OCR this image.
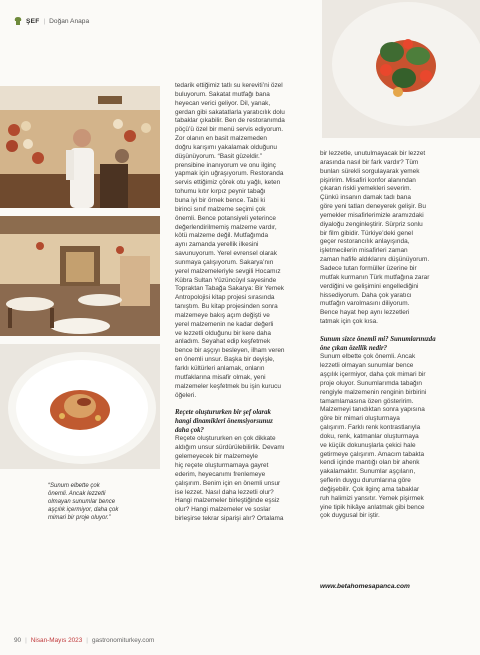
ŞEF | Doğan Anapa
“Sunum elbette çok
önemli. Ancak lezzetli
olmayan sunumlar bence
aşçılık içermiyor, daha çok
mimari bir proje oluyor.”

tedarik ettiğimiz tatlı su kereviti’ni özel

buluyorum. Sakatat mutfağı bana

heyecan verici geliyor. Dil, yanak,

gerdan gibi sakatatlarla yaratıcılık dolu

tabaklar çıkabilir. Ben de restoranımda

pöçü’ü özel bir menü servis ediyorum.

Zor olanın en basit malzemeden

doğru karışımı yakalamak olduğunu

düşünüyorum. “Basit güzeldir.”

prensibine inanıyorum ve onu ilginç

yapmak için uğraşıyorum. Restoranda

servis ettiğimiz çörek otu yağlı, keten

tohumu kıtır kırpız peynir tabağı

buna iyi bir örnek bence. Tabi ki

birinci sınıf malzeme seçimi çok

önemli. Bence potansiyeli yeterince

değerlendirilmemiş malzeme vardır,

kötü malzeme değil. Mutfağımda

aynı zamanda yerellik ilkesini

savunuyorum. Yerel evrensel olarak

sunmaya çalışıyorum. Sakarya’nın

yerel malzemeleriyle sevgili Hocamız

Kübra Sultan Yüzüncüyıl sayesinde

Topraktan Tabağa Sakarya: Bir Yemek

Antropolojisi kitap projesi sırasında

tanıştım. Bu kitap projesinden sonra

malzemeye bakış açım değişti ve

yerel malzemenin ne kadar değerli

ve lezzetli olduğunu bir kere daha

anladım. Seyahat edip keşfetmek

bence bir aşçıyı besleyen, ilham veren

en önemli unsur. Başka bir deyişle,

farklı kültürleri anlamak, onların

mutfaklarına misafir olmak, yeni

malzemeler keşfetmek bu işin kurucu

öğeleri.

Reçete oluştururken bir şef olarak

hangi dinamikleri önemsiyorsunuz

daha çok?

Reçete oluştururken en çok dikkate

aldığım unsur sürdürülebilirlik. Devamı

gelemeyecek bir malzemeyle

hiç reçete oluşturmamaya gayret

ederim, heyecanımı frenlemeye

çalışırım. Benim için en önemli unsur

ise lezzet. Nasıl daha lezzetli olur?

Hangi malzemeler birleştiğinde eşsiz

olur? Hangi malzemeler ve soslar

birleşirse tekrar siparişi alır? Ortalama

bir lezzetle, unutulmayacak bir lezzet

arasında nasıl bir fark vardır? Tüm

bunları sürekli sorgulayarak yemek

pişiririm. Misafiri konfor alanından

çıkaran riskli yemekleri severim.

Çünkü insanın damak tadı bana

göre yeni tatları deneyerek gelişir. Bu

yemekler misafirlerimizle aramızdaki

diyaloğu zenginleştirir. Sürpriz sonlu

bir film gibidir. Türkiye’deki genel

geçer restorancılık anlayışında,

işletmecilerin misafirleri zaman

zaman hafife aldıklarını düşünüyorum.

Sadece tutan formüller üzerine bir

mutfak kurmanın Türk mutfağına zarar

verdiğini ve gelişimini engellediğini

hissediyorum. Daha çok yaratıcı

mutfağın varolmasını diliyorum.

Bence hayat hep aynı lezzetleri

tatmak için çok kısa.

Sunum sizce önemli mi? Sunumlarınızda

öne çıkan özellik nedir?

Sunum elbette çok önemli. Ancak

lezzetli olmayan sunumlar bence

aşçılık içermiyor, daha çok mimari bir

proje oluyor. Sunumlarımda tabağın

rengiyle malzemenin renginin birbirini

tamamlamasına özen gösteririm.

Malzemeyi tanıdıktan sonra yapısına

göre bir mimari oluşturmaya

çalışırım. Farklı renk kontrastlarıyla

doku, renk, katmanlar oluşturmaya

ve küçük dokunuşlarla çekici hale

getirmeye çalışırım. Amacım tabakta

kendi içinde mantığı olan bir ahenk

yakalamaktır. Sunumlar aşçıların,

şeflerin duygu durumlarına göre

değişebilir. Çok ilginç ama tabaklar

ruh halimizi yansıtır. Yemek pişirmek

yine tipik hikâye anlatmak gibi bence

çok duygusal bir iştir.

www.betahomesapanca.com
90 | Nisan-Mayıs 2023 | gastronomiturkey.com
